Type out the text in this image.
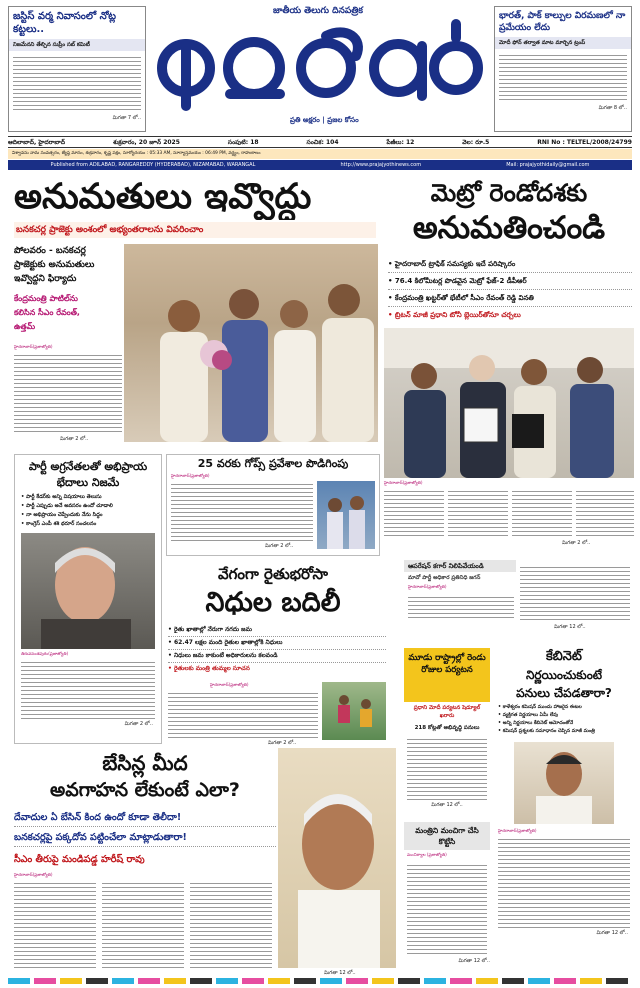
జస్టిస్ వర్మ నివాసంలో నోట్ల కట్టలు..
నిజమేనని తేల్చిన సుప్రీం సబ్ కమిటీ
మిగతా 7 లో..
జాతీయ తెలుగు దినపత్రిక
ప్రతి అక్షరం | ప్రజల కోసం
భారత్, పాక్ కాల్పుల విరమణలో నా ప్రమేయం లేదు
మోదీ ఫోన్ తర్వాత మాట మార్చిన ట్రంప్
మిగతా 8 లో..
ఆదిలాబాద్, హైదరాబాద్	శుక్రవారం, 20 జూన్ 2025	సంపుటి: 18	సంచిక: 104	పేజీలు: 12	వెల: రూ.5	RNI No : TELTEL/2008/24799
విశ్వావసు నామ సంవత్సరం, జ్యేష్ఠ మాసం, శుక్రవారం, కృష్ణ పక్షం, సూర్యోదయం : 05:33 AM, సూర్యాస్తమయం : 06:49 PM, వర్జ్యం, రాహుకాలం
Published from ADILABAD, RANGAREDDY (HYDERABAD), NIZAMABAD, WARANGAL	http://www.prajajyothinews.com	Mail: prajajyothidaily@gmail.com
అనుమతులు ఇవ్వొద్దు
బనకచర్ల ప్రాజెక్టు అంశంలో అభ్యంతరాలను వివరించాం
పోలవరం - బనకచర్ల
ప్రాజెక్టుకు అనుమతులు
ఇవ్వొద్దని ఫిర్యాదు
కేంద్రమంత్రి పాటిల్‌ను
కలిసిన సీఎం రేవంత్,
ఉత్తమ్
హైదరాబాద్(ప్రజాజ్యోతి)
మిగతా 2 లో..
మెట్రో రెండోదశకు
అనుమతించండి
• హైదరాబాద్ ట్రాఫిక్ సమస్యకు ఇదే పరిష్కారం
• 76.4 కిలోమీటర్ల పొడవైన మెట్రో ఫేజ్-2 డీపీఆర్
• కేంద్రమంత్రి ఖట్టర్‌తో భేటీలో సీఎం రేవంత్ రెడ్డి వినతి
• బ్రిటన్ మాజీ ప్రధాని టోనీ బ్లెయిర్‌తోనూ చర్చలు
హైదరాబాద్(ప్రజాజ్యోతి)
మిగతా 2 లో..
పార్టీ అగ్రనేతలతో అభిప్రాయ భేదాలు నిజమే
• పార్టీ కేడర్‌కు అన్ని విషయాలు తెలుసు
• పార్టీ ఎప్పుడు అనే అవసరం ఉందో చూడాలి
• నా అభిప్రాయం చెప్పేందుకు నేను సిద్ధం
• కాంగ్రెస్ ఎంపీ శశి థరూర్ సంచలనం
తిరువనంతపురం(ప్రజాజ్యోతి)
మిగతా 2 లో..
25 వరకు గోప్స్ ప్రవేశాల పొడిగింపు
హైదరాబాద్(ప్రజాజ్యోతి)
మిగతా 2 లో..
వేగంగా రైతుభరోసా
నిధుల బదిలీ
• రైతు ఖాతాల్లో నేరుగా నగదు జమ
• 62.47 లక్షల మంది రైతుల ఖాతాల్లోకి నిధులు
• నిధులు జమ కాకుంటే అధికారులను కలవండి
• రైతులకు మంత్రి తుమ్మల సూచన
హైదరాబాద్(ప్రజాజ్యోతి)
మిగతా 2 లో..
ఆపరేషన్ కగార్ నిలిపివేయండి
మావో పార్టీ అధికార ప్రతినిధి జగన్
హైదరాబాద్(ప్రజాజ్యోతి)
మిగతా 12 లో..
మూడు రాష్ట్రాల్లో రెండు రోజుల పర్యటన
ప్రధాని మోదీ పర్యటన షెడ్యూల్ ఖరారు
218 కోట్లతో అభివృద్ధి పనులు
మిగతా 12 లో..
కేబినెట్
నిర్ణయించుకుంటే
పనులు చేపడతారా?
• కాళేశ్వరం కమిషన్ ముందు హాజరైన ఈటల
• వ్యక్తిగత నిర్ణయాలు ఏమీ లేవు
• అన్ని నిర్ణయాలు కేబినెట్ ఆమోదంతోనే
• కమిషన్ ప్రశ్నలకు సమాధానం చెప్పిన మాజీ మంత్రి
హైదరాబాద్(ప్రజాజ్యోతి)
మిగతా 12 లో..
బేసిన్ల మీద
అవగాహన లేకుంటే ఎలా?
దేవాదుల ఏ బేసిన్ కింద ఉందో కూడా తెలీదా!
బనకచర్లపై పక్కదోవ పట్టించేలా మాట్లాడుతారా!
సీఎం తీరుపై మండిపడ్డ హరీష్ రావు
హైదరాబాద్(ప్రజాజ్యోతి)
మిగతా 12 లో..
మంత్రిని మంచిగా చేసి కొట్టేసి
మంచిర్యాల (ప్రజాజ్యోతి)
మిగతా 12 లో..
